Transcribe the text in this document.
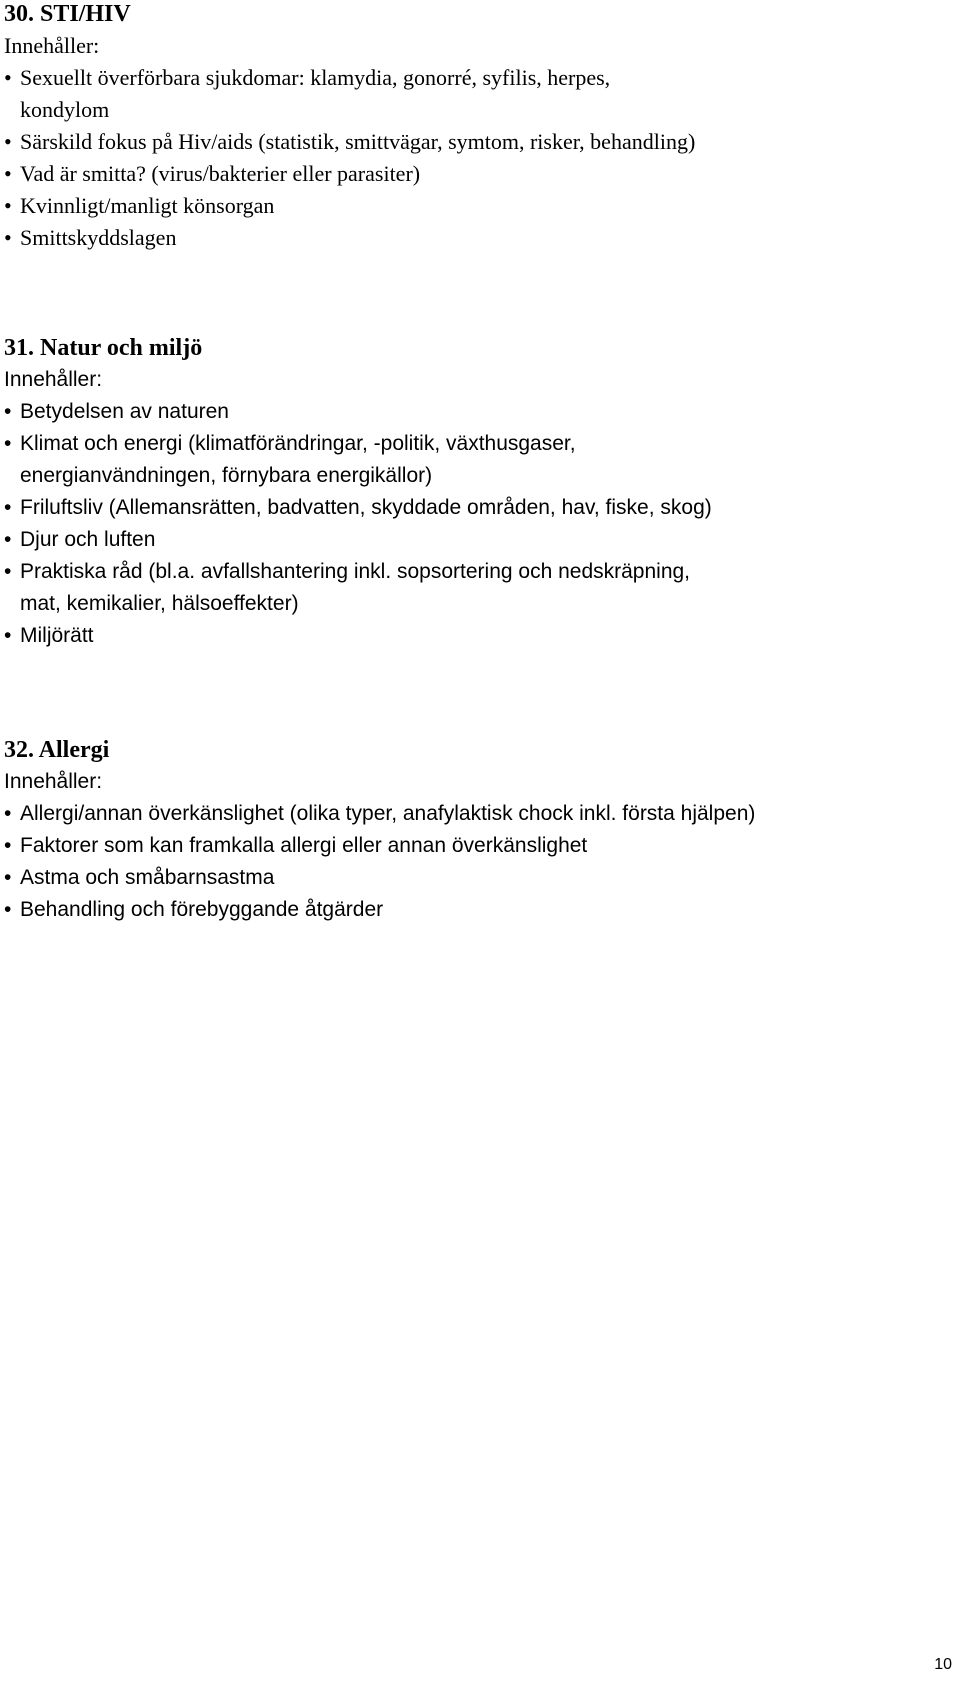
30. STI/HIV

Innehåller:

• Sexuellt överförbara sjukdomar: klamydia, gonorré, syfilis, herpes, kondylom
• Särskild fokus på Hiv/aids (statistik, smittvägar, symtom, risker, behandling)
• Vad är smitta? (virus/bakterier eller parasiter)
• Kvinnligt/manligt könsorgan
• Smittskyddslagen

31. Natur och miljö

Innehåller:

• Betydelsen av naturen
• Klimat och energi (klimatförändringar, -politik, växthusgaser, energianvändningen, förnybara energikällor)
• Friluftsliv (Allemansrätten, badvatten, skyddade områden, hav, fiske, skog)
• Djur och luften
• Praktiska råd (bl.a. avfallshantering inkl. sopsortering och nedskräpning, mat, kemikalier, hälsoeffekter)
• Miljörätt

32. Allergi

Innehåller:

• Allergi/annan överkänslighet (olika typer, anafylaktisk chock inkl. första hjälpen)
• Faktorer som kan framkalla allergi eller annan överkänslighet
• Astma och småbarnsastma
• Behandling och förebyggande åtgärder
10
